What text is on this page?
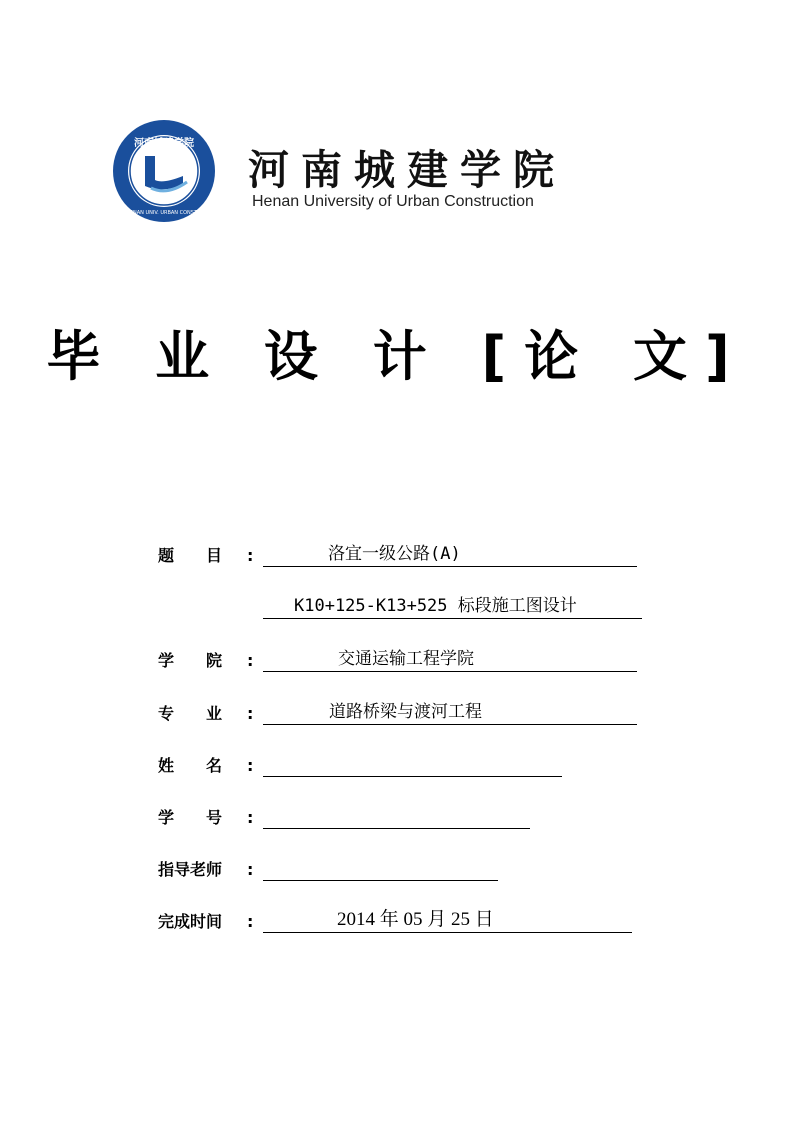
河南城建学院
HENAN UNIV. URBAN CONSTR.
河南城建学院
Henan University of Urban Construction
毕 业 设 计 [论 文]
题　　目 :	洛宜一级公路(A)
K10+125-K13+525 标段施工图设计
学　　院 :	交通运输工程学院
专　　业 :	道路桥梁与渡河工程
姓　　名 :
学　　号 :
指导老师 :
完成时间 :	2014 年 05 月 25 日
